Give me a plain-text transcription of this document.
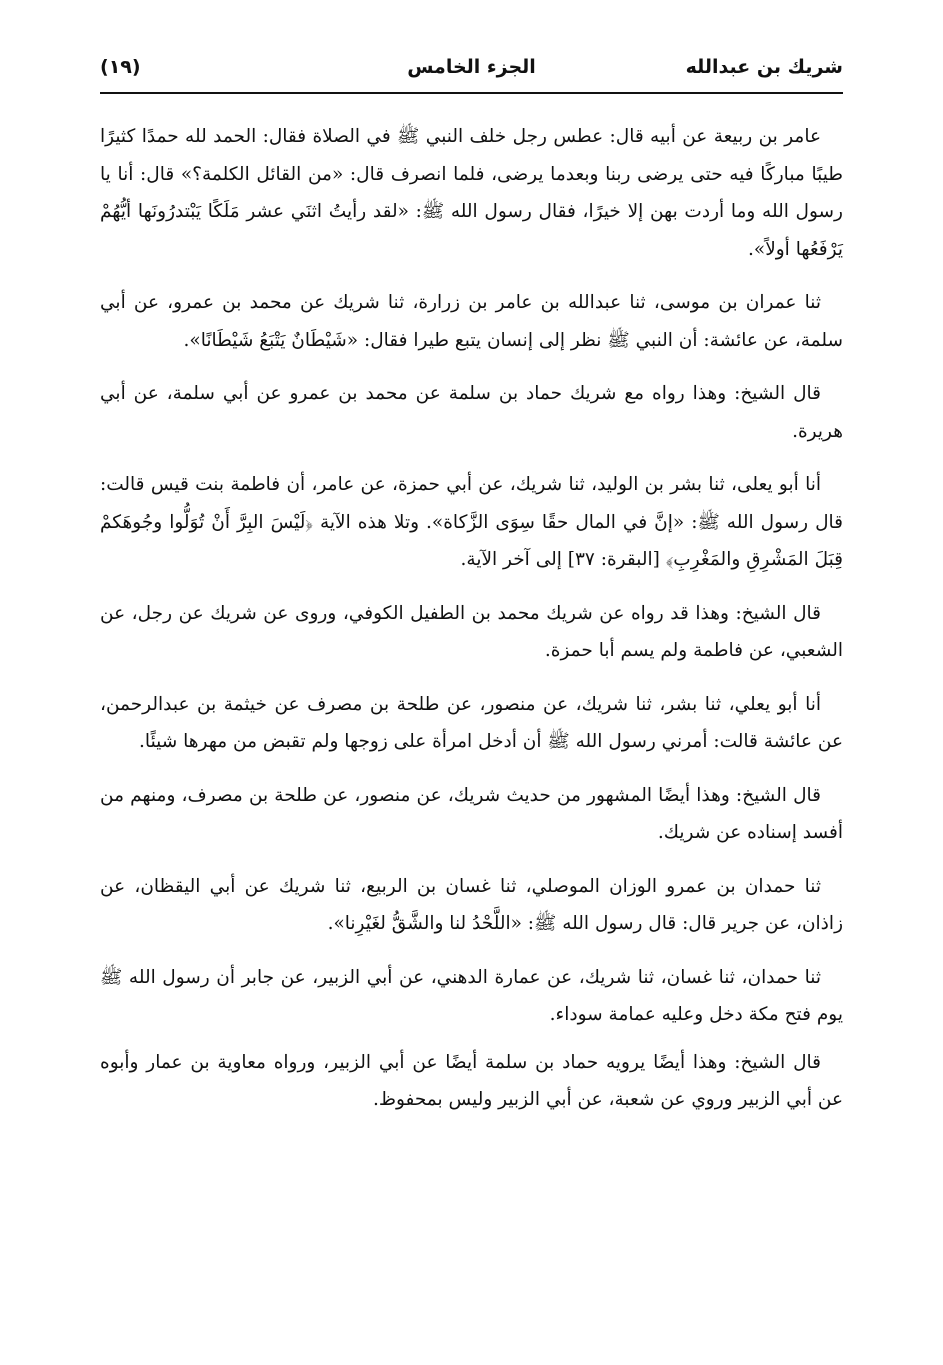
شريك بن عبدالله
الجزء الخامس
(١٩)

عامر بن ربيعة عن أبيه قال: عطس رجل خلف النبي ﷺ في الصلاة فقال: الحمد لله حمدًا كثيرًا طيبًا مباركًا فيه حتى يرضى ربنا وبعدما يرضى، فلما انصرف قال: «من القائل الكلمة؟» قال: أنا يا رسول الله وما أردت بهن إلا خيرًا، فقال رسول الله ﷺ: «لقد رأيتُ اثنَي عشر مَلَكًا يَبْتدرُونَها أيُّهُمْ يَرْفَعُها أولاً».

ثنا عمران بن موسى، ثنا عبدالله بن عامر بن زرارة، ثنا شريك عن محمد بن عمرو، عن أبي سلمة، عن عائشة: أن النبي ﷺ نظر إلى إنسان يتبع طيرا فقال: «شَيْطَانٌ يَتْبَعُ شَيْطَانًا».

قال الشيخ: وهذا رواه مع شريك حماد بن سلمة عن محمد بن عمرو عن أبي سلمة، عن أبي هريرة.

أنا أبو يعلى، ثنا بشر بن الوليد، ثنا شريك، عن أبي حمزة، عن عامر، أن فاطمة بنت قيس قالت: قال رسول الله ﷺ: «إنَّ في المال حقًا سِوَى الزَّكاة». وتلا هذه الآية ﴿لَيْسَ البِرَّ أَنْ تُوَلُّوا وجُوهَكمْ قِبَلَ المَشْرِقِ والمَغْرِبِ﴾ [البقرة: ٣٧] إلى آخر الآية.

قال الشيخ: وهذا قد رواه عن شريك محمد بن الطفيل الكوفي، وروى عن شريك عن رجل، عن الشعبي، عن فاطمة ولم يسم أبا حمزة.

أنا أبو يعلي، ثنا بشر، ثنا شريك، عن منصور، عن طلحة بن مصرف عن خيثمة بن عبدالرحمن، عن عائشة قالت: أمرني رسول الله ﷺ أن أدخل امرأة على زوجها ولم تقبض من مهرها شيئًا.

قال الشيخ: وهذا أيضًا المشهور من حديث شريك، عن منصور، عن طلحة بن مصرف، ومنهم من أفسد إسناده عن شريك.

ثنا حمدان بن عمرو الوزان الموصلي، ثنا غسان بن الربيع، ثنا شريك عن أبي اليقظان، عن زاذان، عن جرير قال: قال رسول الله ﷺ: «اللَّحْدُ لنا والشَّقُّ لغَيْرِنا».

ثنا حمدان، ثنا غسان، ثنا شريك، عن عمارة الدهني، عن أبي الزبير، عن جابر أن رسول الله ﷺ يوم فتح مكة دخل وعليه عمامة سوداء.

قال الشيخ: وهذا أيضًا يرويه حماد بن سلمة أيضًا عن أبي الزبير، ورواه معاوية بن عمار وأبوه عن أبي الزبير وروي عن شعبة، عن أبي الزبير وليس بمحفوظ.
